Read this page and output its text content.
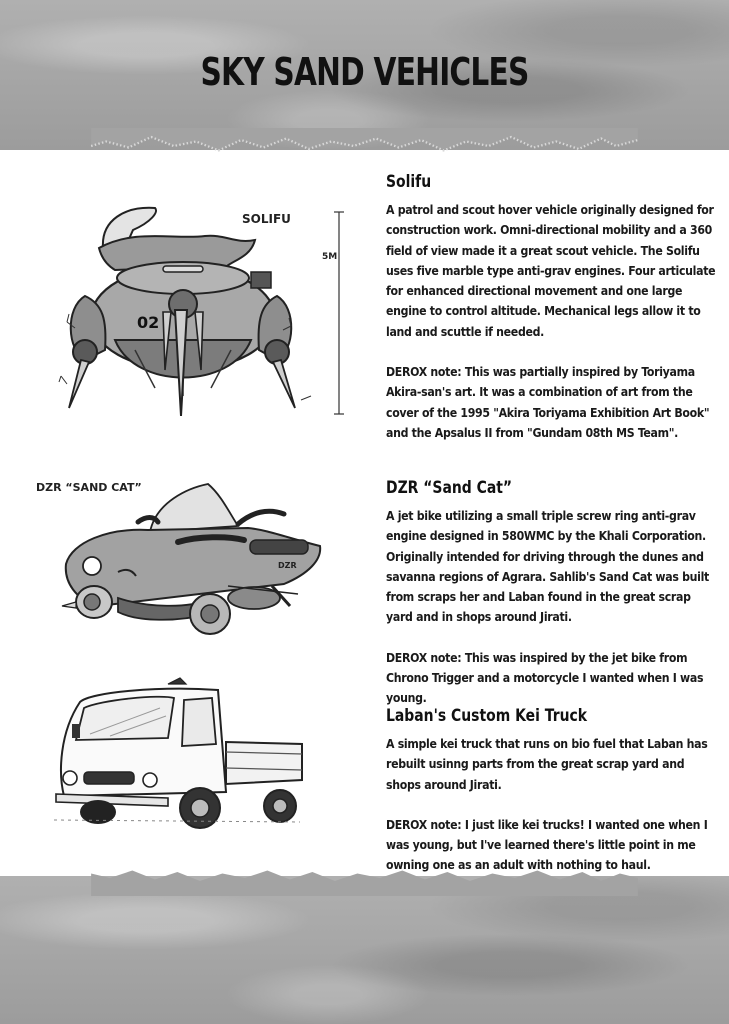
SKY SAND VEHICLES
Solifu
A patrol and scout hover vehicle originally designed for construction work. Omni-directional mobility and a 360 field of view made it a great scout vehicle. The Solifu uses five marble type anti-grav engines. Four articulate for enhanced directional movement and one large engine to control altitude. Mechanical legs allow it to land and scuttle if needed.
DEROX note: This was partially inspired by Toriyama Akira-san's art. It was a combination of art from the cover of the 1995 "Akira Toriyama Exhibition Art Book" and the Apsalus II from "Gundam 08th MS Team".
DZR “Sand Cat”
A jet bike utilizing a small triple screw ring anti-grav engine designed in 580WMC by the Khali Corporation. Originally intended for driving through the dunes and savanna regions of Agrara. Sahlib's Sand Cat was built from scraps her and Laban found in the great scrap yard and in shops around Jirati.
DEROX note: This was inspired by the jet bike from Chrono Trigger and a motorcycle I wanted when I was young.
Laban's Custom Kei Truck
A simple kei truck that runs on bio fuel that Laban has rebuilt usinng parts from the great scrap yard and shops around Jirati.
DEROX note: I just like kei trucks! I wanted one when I was young, but I've learned there's little point in me owning one as an adult with nothing to haul.
SOLIFU
5M
02
DZR “SAND CAT”
DZR
